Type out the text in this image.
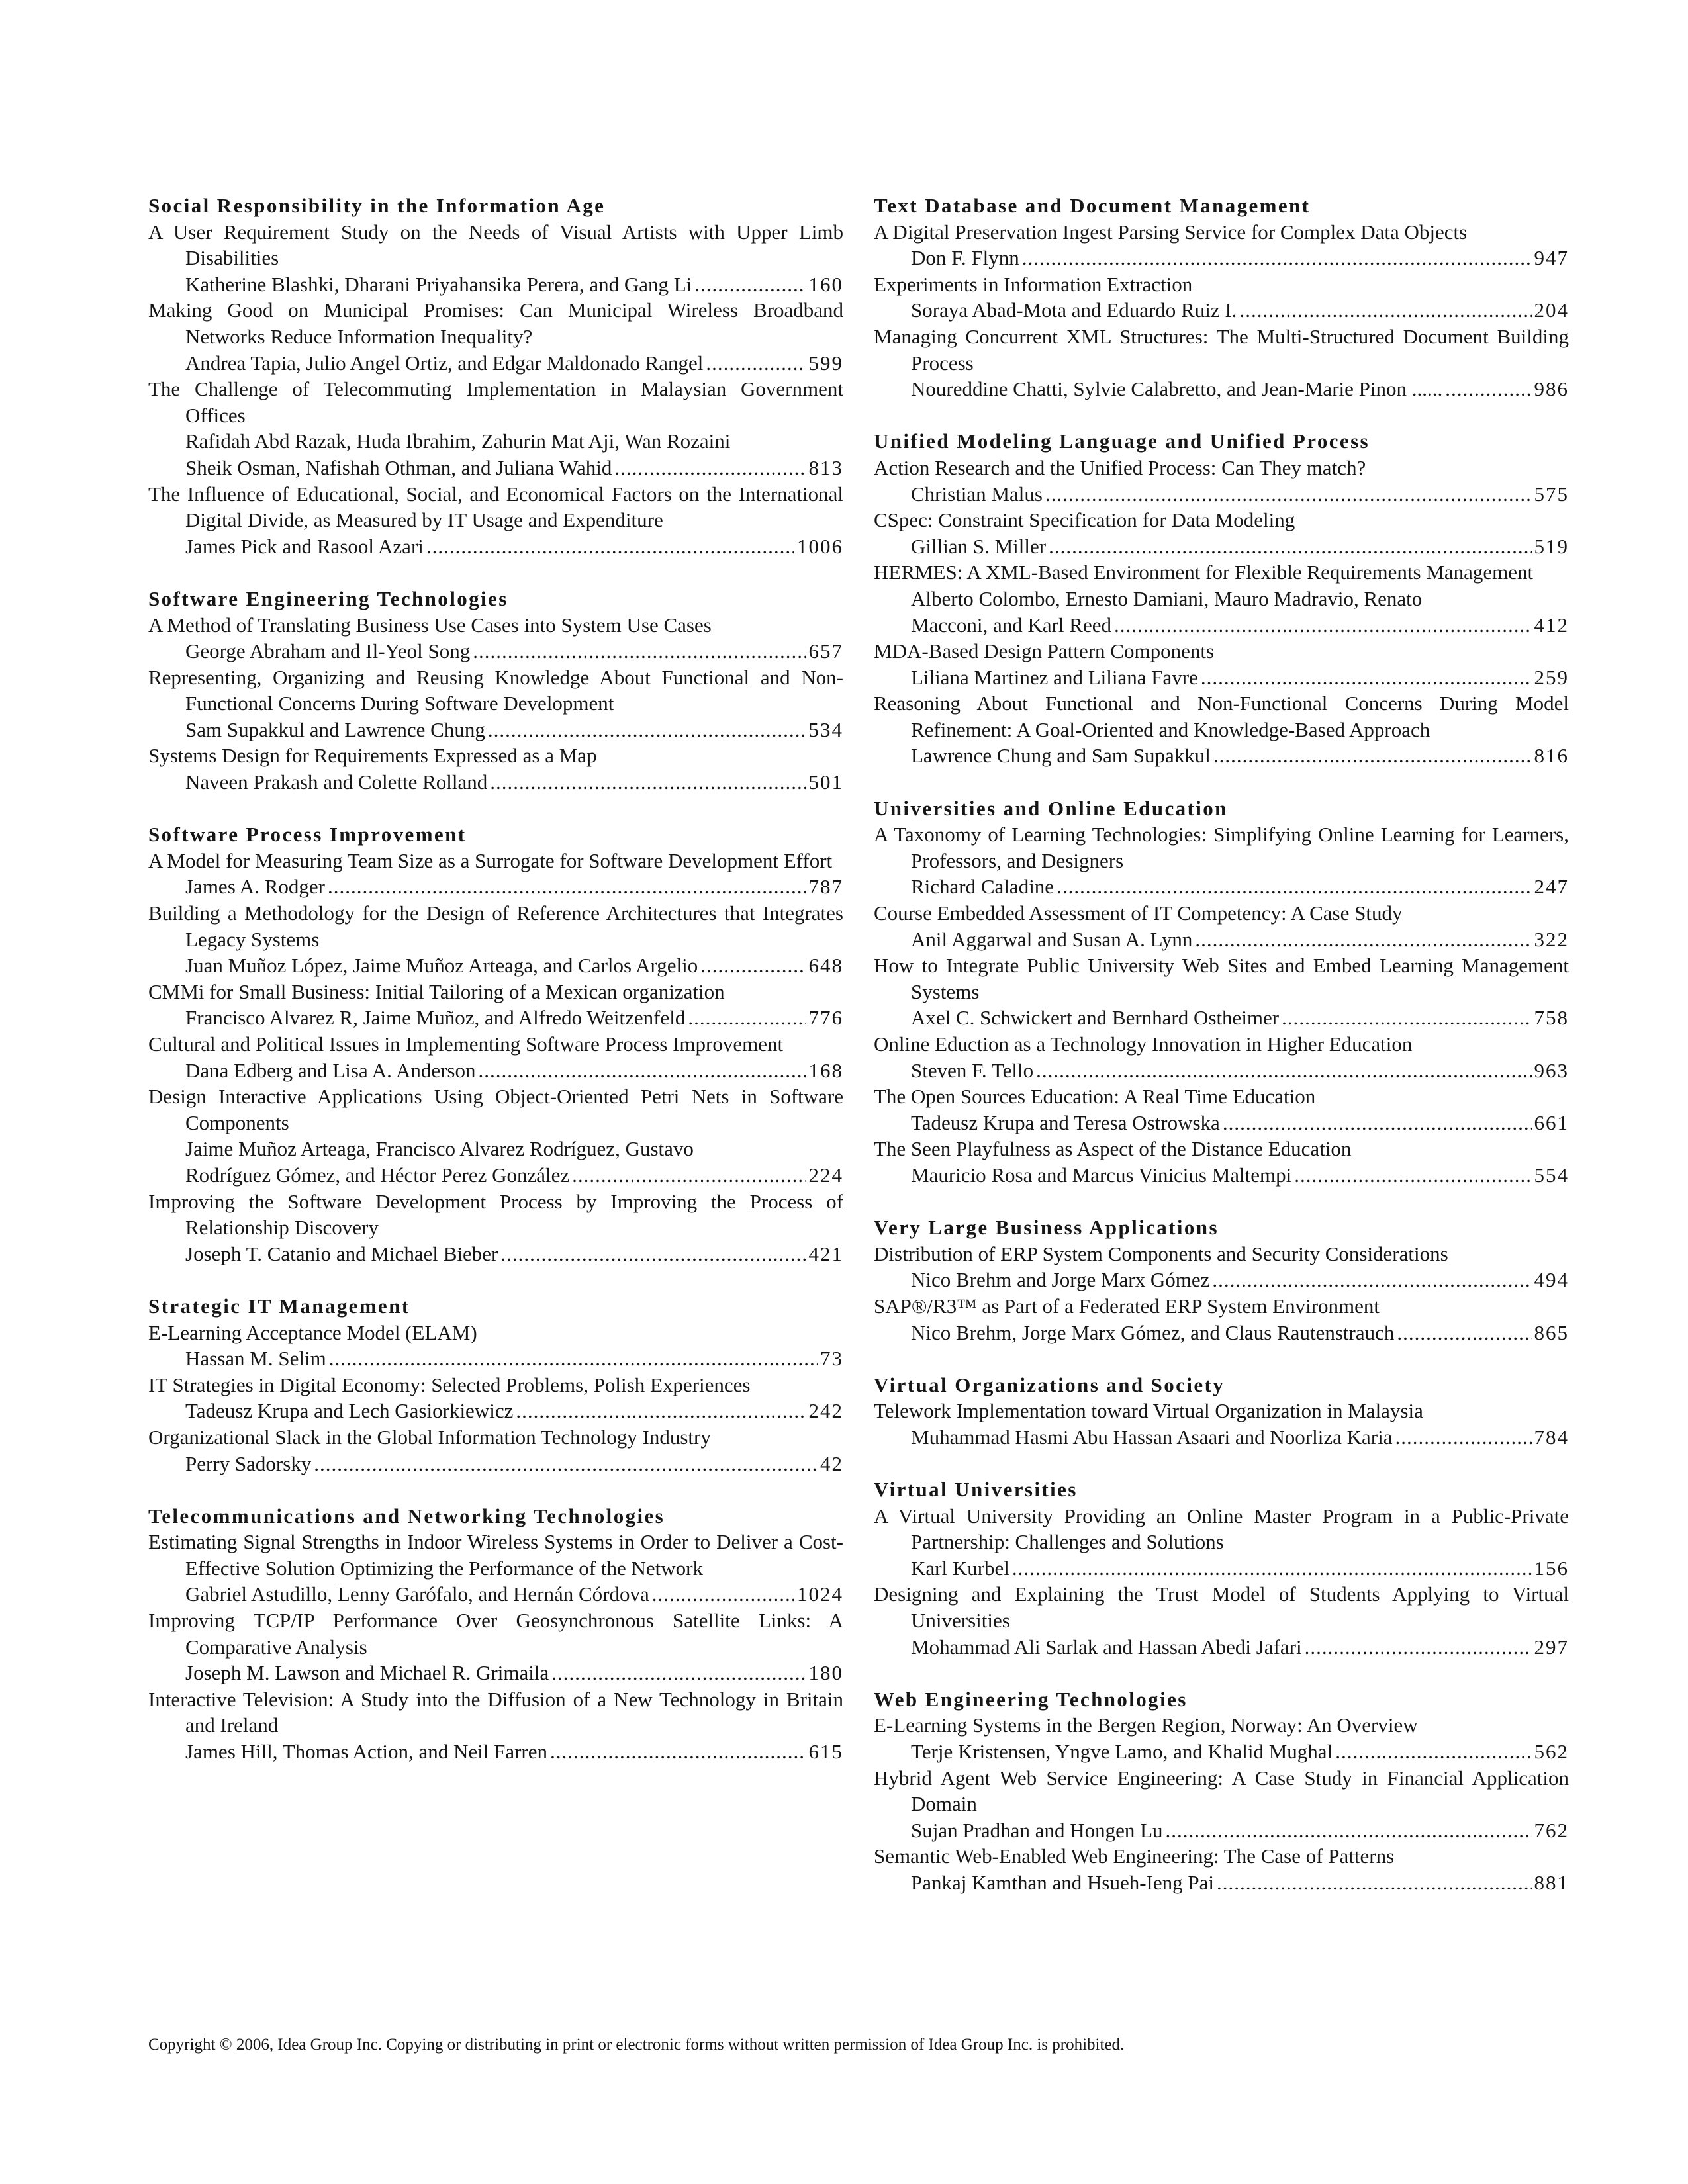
Social Responsibility in the Information Age
A User Requirement Study on the Needs of Visual Artists with Upper Limb Disabilities
Katherine Blashki, Dharani Priyahansika Perera, and Gang Li .....	160
Making Good on Municipal Promises: Can Municipal Wireless Broadband Networks Reduce Information Inequality?
Andrea Tapia, Julio Angel Ortiz, and Edgar Maldonado Rangel .....	599
The Challenge of Telecommuting Implementation in Malaysian Government Offices
Rafidah Abd Razak, Huda Ibrahim, Zahurin Mat Aji, Wan Rozaini
Sheik Osman, Nafishah Othman, and Juliana Wahid .....	813
The Influence of Educational, Social, and Economical Factors on the International Digital Divide, as Measured by IT Usage and Expenditure
James Pick and Rasool Azari .....	1006
Software Engineering Technologies
A Method of Translating Business Use Cases into System Use Cases
George Abraham and Il-Yeol Song .....	657
Representing, Organizing and Reusing Knowledge About Functional and Non-Functional Concerns During Software Development
Sam Supakkul and Lawrence Chung .....	534
Systems Design for Requirements Expressed as a Map
Naveen Prakash and Colette Rolland .....	501
Software Process Improvement
A Model for Measuring Team Size as a Surrogate for Software Development Effort
James A. Rodger .....	787
Building a Methodology for the Design of Reference Architectures that Integrates Legacy Systems
Juan Muñoz López, Jaime Muñoz Arteaga, and Carlos Argelio .....	648
CMMi for Small Business: Initial Tailoring of a Mexican organization
Francisco Alvarez R, Jaime Muñoz, and Alfredo Weitzenfeld .....	776
Cultural and Political Issues in Implementing Software Process Improvement
Dana Edberg and Lisa A. Anderson .....	168
Design Interactive Applications Using Object-Oriented Petri Nets in Software Components
Jaime Muñoz Arteaga, Francisco Alvarez Rodríguez, Gustavo
Rodríguez Gómez, and Héctor Perez González .....	224
Improving the Software Development Process by Improving the Process of Relationship Discovery
Joseph T. Catanio and Michael Bieber .....	421
Strategic IT Management
E-Learning Acceptance Model (ELAM)
Hassan M. Selim .....	73
IT Strategies in Digital Economy: Selected Problems, Polish Experiences
Tadeusz Krupa and Lech Gasiorkiewicz .....	242
Organizational Slack in the Global Information Technology Industry
Perry Sadorsky .....	42
Telecommunications and Networking Technologies
Estimating Signal Strengths in Indoor Wireless Systems in Order to Deliver a Cost-Effective Solution Optimizing the Performance of the Network
Gabriel Astudillo, Lenny Garófalo, and Hernán Córdova .....	1024
Improving TCP/IP Performance Over Geosynchronous Satellite Links: A Comparative Analysis
Joseph M. Lawson and Michael R. Grimaila .....	180
Interactive Television: A Study into the Diffusion of a New Technology in Britain and Ireland
James Hill, Thomas Action, and Neil Farren .....	615
Text Database and Document Management
A Digital Preservation Ingest Parsing Service for Complex Data Objects
Don F. Flynn .....	947
Experiments in Information Extraction
Soraya Abad-Mota and Eduardo Ruiz I. .....	204
Managing Concurrent XML Structures: The Multi-Structured Document Building Process
Noureddine Chatti, Sylvie Calabretto, and Jean-Marie Pinon ...... .....	986
Unified Modeling Language and Unified Process
Action Research and the Unified Process: Can They match?
Christian Malus .....	575
CSpec: Constraint Specification for Data Modeling
Gillian S. Miller .....	519
HERMES: A XML-Based Environment for Flexible Requirements Management
Alberto Colombo, Ernesto Damiani, Mauro Madravio, Renato
Macconi, and Karl Reed .....	412
MDA-Based Design Pattern Components
Liliana Martinez and Liliana Favre .....	259
Reasoning About Functional and Non-Functional Concerns During Model Refinement: A Goal-Oriented and Knowledge-Based Approach
Lawrence Chung and Sam Supakkul .....	816
Universities and Online Education
A Taxonomy of Learning Technologies: Simplifying Online Learning for Learners, Professors, and Designers
Richard Caladine .....	247
Course Embedded Assessment of IT Competency: A Case Study
Anil Aggarwal and Susan A. Lynn .....	322
How to Integrate Public University Web Sites and Embed Learning Management Systems
Axel C. Schwickert and Bernhard Ostheimer .....	758
Online Eduction as a Technology Innovation in Higher Education
Steven F. Tello .....	963
The Open Sources Education: A Real Time Education
Tadeusz Krupa and Teresa Ostrowska .....	661
The Seen Playfulness as Aspect of the Distance Education
Mauricio Rosa and Marcus Vinicius Maltempi .....	554
Very Large Business Applications
Distribution of ERP System Components and Security Considerations
Nico Brehm and Jorge Marx Gómez .....	494
SAP®/R3™ as Part of a Federated ERP System Environment
Nico Brehm, Jorge Marx Gómez, and Claus Rautenstrauch .....	865
Virtual Organizations and Society
Telework Implementation toward Virtual Organization in Malaysia
Muhammad Hasmi Abu Hassan Asaari and Noorliza Karia .....	784
Virtual Universities
A Virtual University Providing an Online Master Program in a Public-Private Partnership: Challenges and Solutions
Karl Kurbel .....	156
Designing and Explaining the Trust Model of Students Applying to Virtual Universities
Mohammad Ali Sarlak and Hassan Abedi Jafari .....	297
Web Engineering Technologies
E-Learning Systems in the Bergen Region, Norway: An Overview
Terje Kristensen, Yngve Lamo, and Khalid Mughal .....	562
Hybrid Agent Web Service Engineering: A Case Study in Financial Application Domain
Sujan Pradhan and Hongen Lu .....	762
Semantic Web-Enabled Web Engineering: The Case of Patterns
Pankaj Kamthan and Hsueh-Ieng Pai .....	881
Copyright © 2006, Idea Group Inc. Copying or distributing in print or electronic forms without written permission of Idea Group Inc. is prohibited.
